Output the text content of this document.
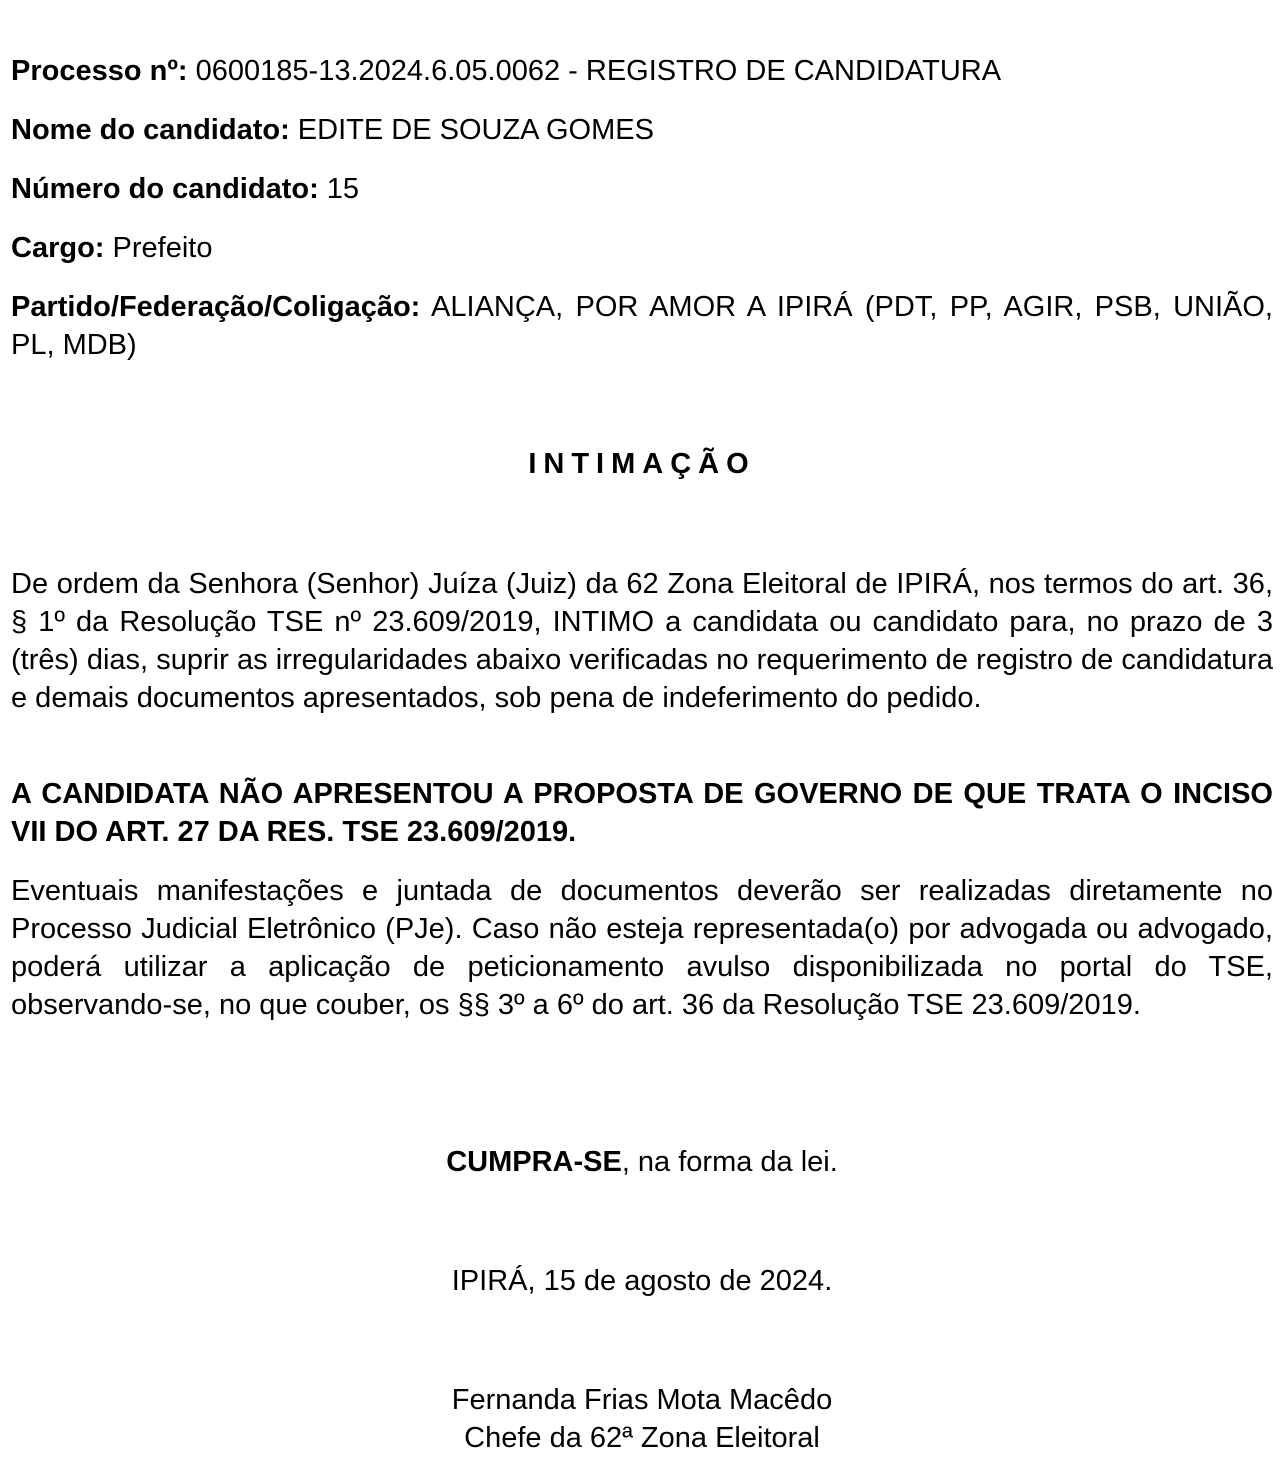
Processo nº: 0600185-13.2024.6.05.0062 - REGISTRO DE CANDIDATURA

Nome do candidato: EDITE DE SOUZA GOMES

Número do candidato: 15

Cargo: Prefeito

Partido/Federação/Coligação: ALIANÇA, POR AMOR A IPIRÁ (PDT, PP, AGIR, PSB, UNIÃO, PL, MDB)

INTIMAÇÃO

De ordem da Senhora (Senhor) Juíza (Juiz) da 62 Zona Eleitoral de IPIRÁ, nos termos do art. 36, § 1º da Resolução TSE nº 23.609/2019, INTIMO a candidata ou candidato para, no prazo de 3 (três) dias, suprir as irregularidades abaixo verificadas no requerimento de registro de candidatura e demais documentos apresentados, sob pena de indeferimento do pedido.

A CANDIDATA NÃO APRESENTOU A PROPOSTA DE GOVERNO DE QUE TRATA O INCISO VII DO ART. 27 DA RES. TSE 23.609/2019.

Eventuais manifestações e juntada de documentos deverão ser realizadas diretamente no Processo Judicial Eletrônico (PJe). Caso não esteja representada(o) por advogada ou advogado, poderá utilizar a aplicação de peticionamento avulso disponibilizada no portal do TSE, observando-se, no que couber, os §§ 3º a 6º do art. 36 da Resolução TSE 23.609/2019.

CUMPRA-SE, na forma da lei.

IPIRÁ, 15 de agosto de 2024.

Fernanda Frias Mota Macêdo

Chefe da 62ª Zona Eleitoral
